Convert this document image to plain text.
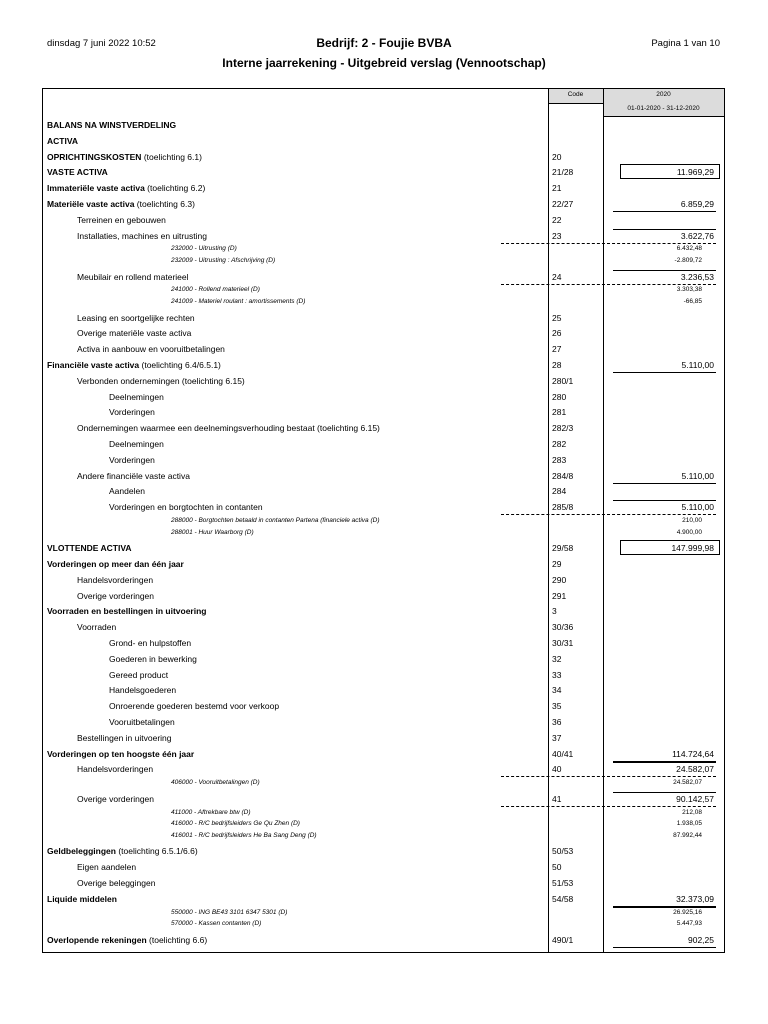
dinsdag 7 juni 2022 10:52	Bedrijf: 2 - Foujie BVBA	Pagina 1 van 10
Interne jaarrekening - Uitgebreid verslag (Vennootschap)
Code	2020
01-01-2020 - 31-12-2020
BALANS NA WINSTVERDELING
ACTIVA
OPRICHTINGSKOSTEN (toelichting 6.1)	20
VASTE ACTIVA	21/28	11.969,29
Immateriële vaste activa (toelichting 6.2)	21
Materiële vaste activa (toelichting 6.3)	22/27	6.859,29
Terreinen en gebouwen	22
Installaties, machines en uitrusting	23	3.622,76
232000 - Uitrusting (D)	6.432,48
232009 - Uitrusting : Afschrijving (D)	-2.809,72
Meubilair en rollend materieel	24	3.236,53
241000 - Rollend materieel (D)	3.303,38
241009 - Materiel roulant : amortissements (D)	-66,85
Leasing en soortgelijke rechten	25
Overige materiële vaste activa	26
Activa in aanbouw en vooruitbetalingen	27
Financiële vaste activa (toelichting 6.4/6.5.1)	28	5.110,00
Verbonden ondernemingen (toelichting 6.15)	280/1
Deelnemingen	280
Vorderingen	281
Ondernemingen waarmee een deelnemingsverhouding bestaat (toelichting 6.15)	282/3
Deelnemingen	282
Vorderingen	283
Andere financiële vaste activa	284/8	5.110,00
Aandelen	284
Vorderingen en borgtochten in contanten	285/8	5.110,00
288000 - Borgtochten betaald in contanten Partena (financiele activa (D)	210,00
288001 - Huur Waarborg (D)	4.900,00
VLOTTENDE ACTIVA	29/58	147.999,98
Vorderingen op meer dan één jaar	29
Handelsvorderingen	290
Overige vorderingen	291
Voorraden en bestellingen in uitvoering	3
Voorraden	30/36
Grond- en hulpstoffen	30/31
Goederen in bewerking	32
Gereed product	33
Handelsgoederen	34
Onroerende goederen bestemd voor verkoop	35
Vooruitbetalingen	36
Bestellingen in uitvoering	37
Vorderingen op ten hoogste één jaar	40/41	114.724,64
Handelsvorderingen	40	24.582,07
406000 - Vooruitbetalingen (D)	24.582,07
Overige vorderingen	41	90.142,57
411000 - Aftrekbare btw (D)	212,08
416000 - R/C bedrijfsleiders Ge Qu Zhen (D)	1.938,05
416001 - R/C bedrijfsleiders He Ba Sang Deng (D)	87.992,44
Geldbeleggingen (toelichting 6.5.1/6.6)	50/53
Eigen aandelen	50
Overige beleggingen	51/53
Liquide middelen	54/58	32.373,09
550000 - ING BE43 3101 6347 5301 (D)	26.925,16
570000 - Kassen contanten (D)	5.447,93
Overlopende rekeningen (toelichting 6.6)	490/1	902,25
